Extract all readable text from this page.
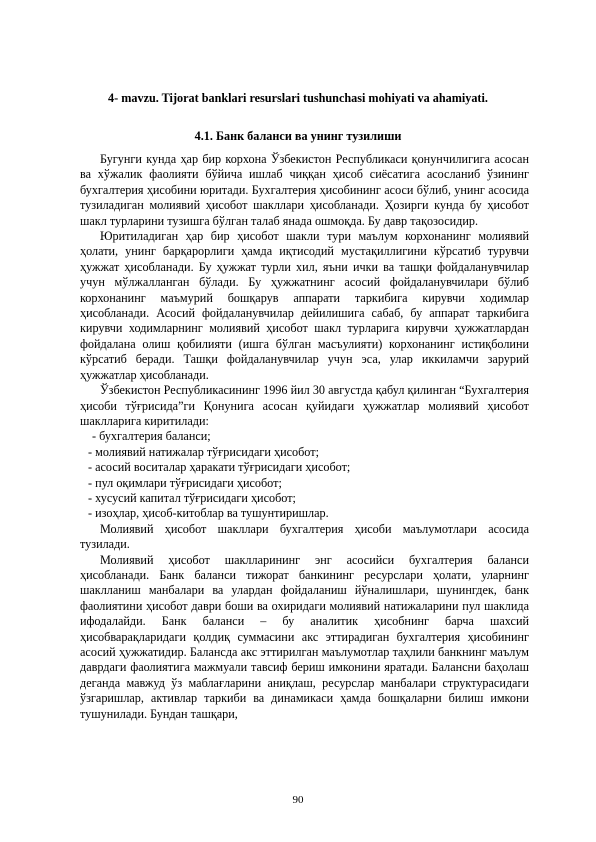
4- mavzu. Tijorat banklari resurslari tushunchasi mohiyati va ahamiyati.
4.1. Банк баланси ва унинг тузилиши

Бугунги кунда ҳар бир корхона Ўзбекистон Республикаси қонунчилигига асосан ва хўжалик фаолияти бўйича ишлаб чиққан ҳисоб сиёсатига асосланиб ўзининг бухгалтерия ҳисобини юритади. Бухгалтерия ҳисобининг асоси бўлиб, унинг асосида тузиладиган молиявий ҳисобот шакллари ҳисобланади. Ҳозирги кунда бу ҳисобот шакл турларини тузишга бўлган талаб янада ошмоқда. Бу давр тақозосидир.

Юритиладиган ҳар бир ҳисобот шакли тури маълум корхонанинг молиявий ҳолати, унинг барқарорлиги ҳамда иқтисодий мустақиллигини кўрсатиб турувчи ҳужжат ҳисобланади. Бу ҳужжат турли хил, яъни ички ва ташқи фойдаланувчилар учун мўлжалланган бўлади. Бу ҳужжатнинг асосий фойдаланувчилари бўлиб корхонанинг маъмурий бошқарув аппарати таркибига кирувчи ходимлар ҳисобланади. Асосий фойдаланувчилар дейилишига сабаб, бу аппарат таркибига кирувчи ходимларнинг молиявий ҳисобот шакл турларига кирувчи ҳужжатлардан фойдалана олиш қобилияти (ишга бўлган масъулияти) корхонанинг истиқболини кўрсатиб беради. Ташқи фойдаланувчилар учун эса, улар иккиламчи зарурий ҳужжатлар ҳисобланади.

Ўзбекистон Республикасининг 1996 йил 30 августда қабул қилинган “Бухгалтерия ҳисоби тўғрисида”ги Қонунига асосан қуйидаги ҳужжатлар молиявий ҳисобот шаклларига киритилади:

- бухгалтерия баланси;
- молиявий натижалар тўғрисидаги ҳисобот;
- асосий воситалар ҳаракати тўғрисидаги ҳисобот;
- пул оқимлари тўғрисидаги ҳисобот;
- хусусий капитал тўғрисидаги ҳисобот;
- изоҳлар, ҳисоб-китоблар ва тушунтиришлар.

Молиявий ҳисобот шакллари бухгалтерия ҳисоби маълумотлари асосида тузилади.

Молиявий ҳисобот шаклларининг энг асосийси бухгалтерия баланси ҳисобланади. Банк баланси тижорат банкининг ресурслари ҳолати, уларнинг шаклланиш манбалари ва улардан фойдаланиш йўналишлари, шунингдек, банк фаолиятини ҳисобот даври боши ва охиридаги молиявий натижаларини пул шаклида ифодалайди. Банк баланси – бу аналитик ҳисобнинг барча шахсий ҳисобварақларидаги қолдиқ суммасини акс эттирадиган бухгалтерия ҳисобининг асосий ҳужжатидир. Балансда акс эттирилган маълумотлар таҳлили банкнинг маълум даврдаги фаолиятига мажмуали тавсиф бериш имконини яратади. Балансни баҳолаш деганда мавжуд ўз маблағларини аниқлаш, ресурслар манбалари структурасидаги ўзгаришлар, активлар таркиби ва динамикаси ҳамда бошқаларни билиш имкони тушунилади. Бундан ташқари,

90
